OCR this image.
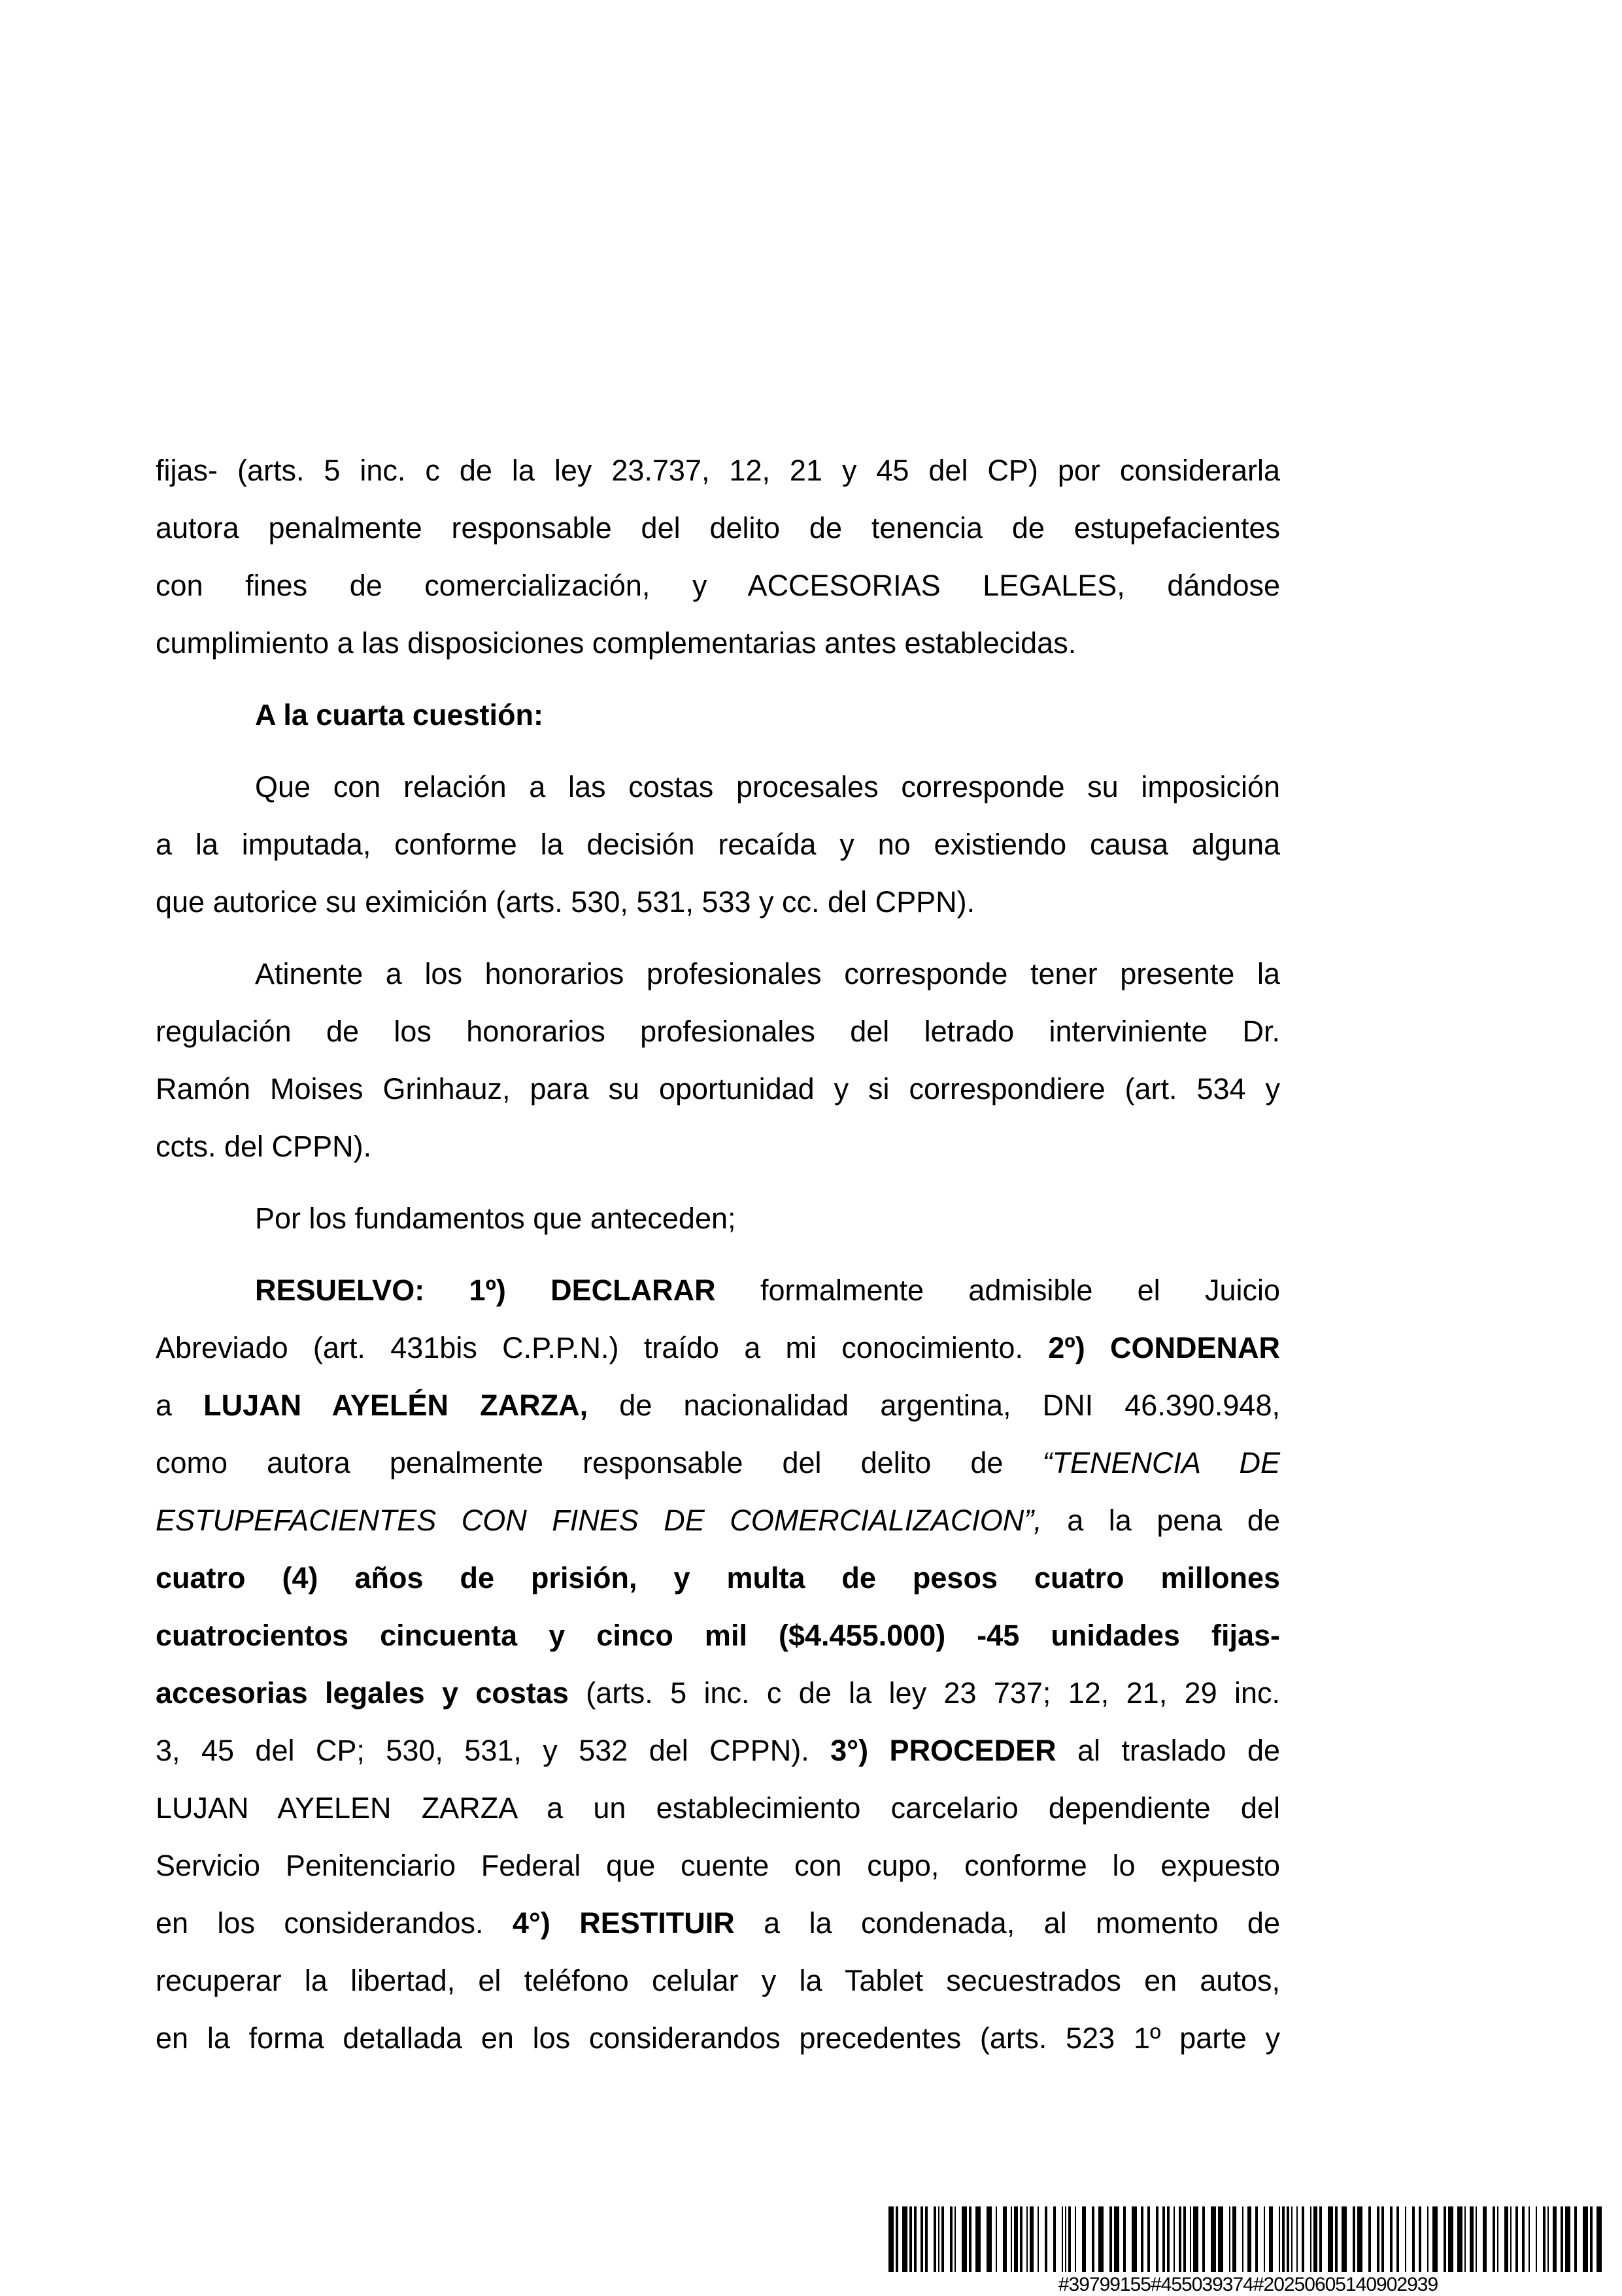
fijas- (arts. 5 inc. c de la ley 23.737, 12, 21 y 45 del CP) por considerarla
autora penalmente responsable del delito de tenencia de estupefacientes
con fines de comercialización, y ACCESORIAS LEGALES, dándose
cumplimiento a las disposiciones complementarias antes establecidas.
A la cuarta cuestión:
Que con relación a las costas procesales corresponde su imposición
a la imputada, conforme la decisión recaída y no existiendo causa alguna
que autorice su eximición (arts. 530, 531, 533 y cc. del CPPN).
Atinente a los honorarios profesionales corresponde tener presente la
regulación de los honorarios profesionales del letrado interviniente Dr.
Ramón Moises Grinhauz, para su oportunidad y si correspondiere (art. 534 y
ccts. del CPPN).
Por los fundamentos que anteceden;
RESUELVO: 1º) DECLARAR formalmente admisible el Juicio
Abreviado (art. 431bis C.P.P.N.) traído a mi conocimiento. 2º) CONDENAR
a LUJAN AYELÉN ZARZA, de nacionalidad argentina, DNI 46.390.948,
como autora penalmente responsable del delito de “TENENCIA DE
ESTUPEFACIENTES CON FINES DE COMERCIALIZACION”, a la pena de
cuatro (4) años de prisión, y multa de pesos cuatro millones
cuatrocientos cincuenta y cinco mil ($4.455.000) -45 unidades fijas-
accesorias legales y costas (arts. 5 inc. c de la ley 23 737; 12, 21, 29 inc.
3, 45 del CP; 530, 531, y 532 del CPPN). 3°) PROCEDER al traslado de
LUJAN AYELEN ZARZA a un establecimiento carcelario dependiente del
Servicio Penitenciario Federal que cuente con cupo, conforme lo expuesto
en los considerandos. 4°) RESTITUIR a la condenada, al momento de
recuperar la libertad, el teléfono celular y la Tablet secuestrados en autos,
en la forma detallada en los considerandos precedentes (arts. 523 1º parte y
#39799155#455039374#20250605140902939
